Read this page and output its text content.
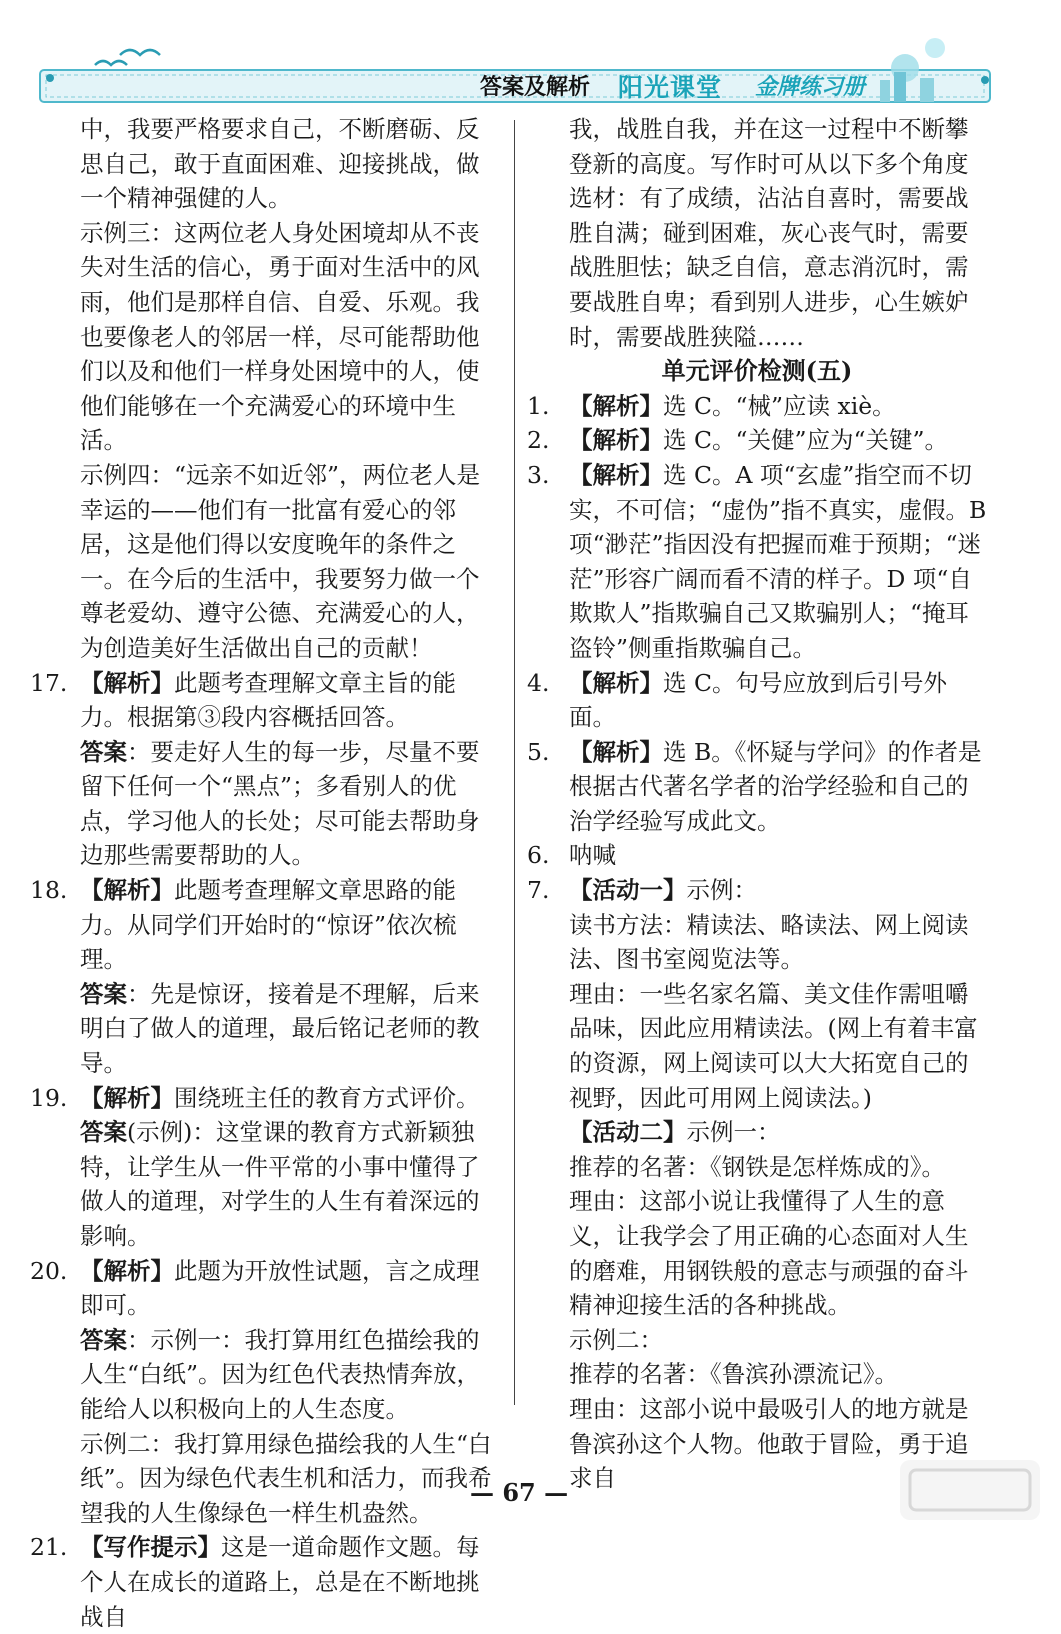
答案及解析 阳光课堂 金牌练习册

中，我要严格要求自己，不断磨砺、反思自己，敢于直面困难、迎接挑战，做一个精神强健的人。

示例三：这两位老人身处困境却从不丧失对生活的信心，勇于面对生活中的风雨，他们是那样自信、自爱、乐观。我也要像老人的邻居一样，尽可能帮助他们以及和他们一样身处困境中的人，使他们能够在一个充满爱心的环境中生活。

示例四：“远亲不如近邻”，两位老人是幸运的——他们有一批富有爱心的邻居，这是他们得以安度晚年的条件之一。在今后的生活中，我要努力做一个尊老爱幼、遵守公德、充满爱心的人，为创造美好生活做出自己的贡献！

17. 【解析】此题考查理解文章主旨的能力。根据第③段内容概括回答。

答案：要走好人生的每一步，尽量不要留下任何一个“黑点”；多看别人的优点，学习他人的长处；尽可能去帮助身边那些需要帮助的人。

18. 【解析】此题考查理解文章思路的能力。从同学们开始时的“惊讶”依次梳理。

答案：先是惊讶，接着是不理解，后来明白了做人的道理，最后铭记老师的教导。

19. 【解析】围绕班主任的教育方式评价。

答案(示例)：这堂课的教育方式新颖独特，让学生从一件平常的小事中懂得了做人的道理，对学生的人生有着深远的影响。

20. 【解析】此题为开放性试题，言之成理即可。

答案：示例一：我打算用红色描绘我的人生“白纸”。因为红色代表热情奔放，能给人以积极向上的人生态度。

示例二：我打算用绿色描绘我的人生“白纸”。因为绿色代表生机和活力，而我希望我的人生像绿色一样生机盎然。

21. 【写作提示】这是一道命题作文题。每个人在成长的道路上，总是在不断地挑战自

我，战胜自我，并在这一过程中不断攀登新的高度。写作时可从以下多个角度选材：有了成绩，沾沾自喜时，需要战胜自满；碰到困难，灰心丧气时，需要战胜胆怯；缺乏自信，意志消沉时，需要战胜自卑；看到别人进步，心生嫉妒时，需要战胜狭隘……

单元评价检测(五)

1. 【解析】选 C。“械”应读 xiè。

2. 【解析】选 C。“关健”应为“关键”。

3. 【解析】选 C。A 项“玄虚”指空而不切实，不可信；“虚伪”指不真实，虚假。B 项“渺茫”指因没有把握而难于预期；“迷茫”形容广阔而看不清的样子。D 项“自欺欺人”指欺骗自己又欺骗别人；“掩耳盗铃”侧重指欺骗自己。

4. 【解析】选 C。句号应放到后引号外面。

5. 【解析】选 B。《怀疑与学问》的作者是根据古代著名学者的治学经验和自己的治学经验写成此文。

6. 呐喊

7. 【活动一】示例：

读书方法：精读法、略读法、网上阅读法、图书室阅览法等。

理由：一些名家名篇、美文佳作需咀嚼品味，因此应用精读法。(网上有着丰富的资源，网上阅读可以大大拓宽自己的视野，因此可用网上阅读法。)

【活动二】示例一：

推荐的名著：《钢铁是怎样炼成的》。

理由：这部小说让我懂得了人生的意义，让我学会了用正确的心态面对人生的磨难，用钢铁般的意志与顽强的奋斗精神迎接生活的各种挑战。

示例二：

推荐的名著：《鲁滨孙漂流记》。

理由：这部小说中最吸引人的地方就是鲁滨孙这个人物。他敢于冒险，勇于追求自

— 67 —
